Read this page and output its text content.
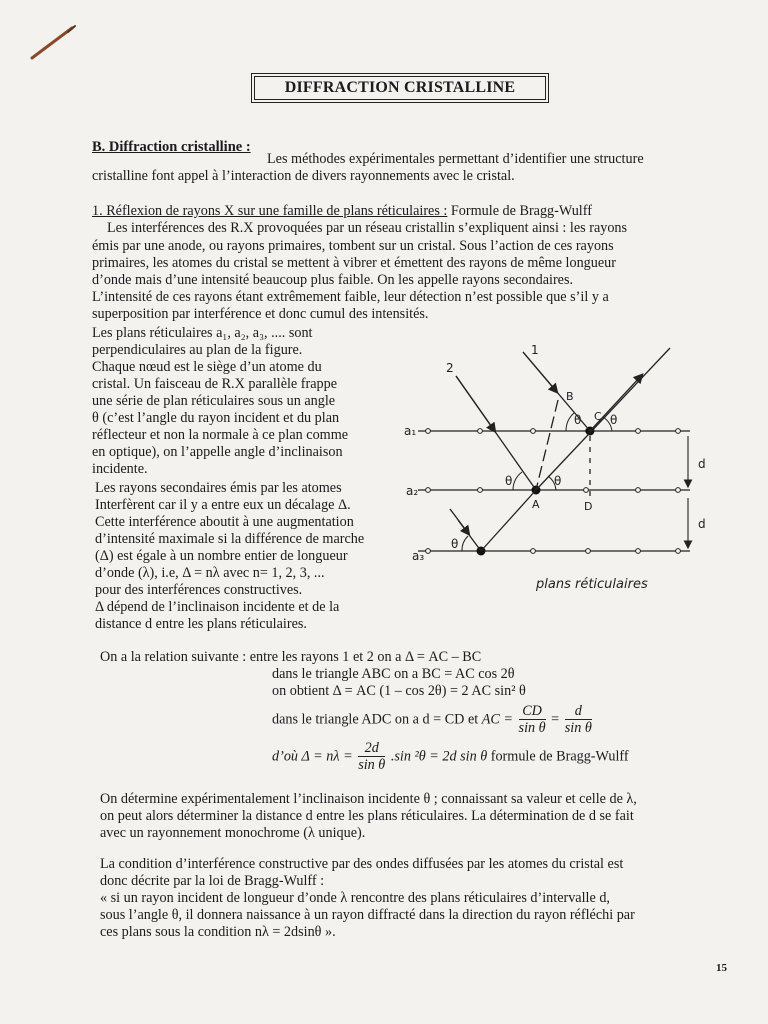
DIFFRACTION CRISTALLINE
B. Diffraction cristalline :
Les méthodes expérimentales permettant d’identifier une structure
cristalline font appel à l’interaction de divers rayonnements avec le cristal.
1. Réflexion de rayons X sur une famille de plans réticulaires : Formule de Bragg-Wulff
Les interférences des R.X provoquées par un réseau cristallin s’expliquent ainsi : les rayons
émis par une anode, ou rayons primaires, tombent sur un cristal. Sous l’action de ces rayons
primaires, les atomes du cristal se mettent à vibrer et émettent des rayons de même longueur
d’onde mais d’une intensité beaucoup plus faible. On les appelle rayons secondaires.
L’intensité de ces rayons étant extrêmement faible, leur détection n’est possible que s’il y a
superposition par interférence et donc cumul des intensités.
Les plans réticulaires a₁, a₂, a₃, .... sont
perpendiculaires au plan de la figure.
Chaque nœud est le siège d’un atome du
cristal. Un faisceau de R.X parallèle frappe
une série de plan réticulaires sous un angle
θ (c’est l’angle du rayon incident et du plan
réflecteur et non la normale à ce plan comme
en optique), on l’appelle angle d’inclinaison
incidente.
Les rayons secondaires émis par les atomes
Interfèrent car il y a entre eux un décalage Δ.
Cette interférence aboutit à une augmentation
d’intensité maximale si la différence de marche
(Δ) est égale à un nombre entier de longueur
d’onde (λ), i.e, Δ = nλ avec n= 1, 2, 3, ...
pour des interférences constructives.
Δ dépend de l’inclinaison incidente et de la
distance d entre les plans réticulaires.
1
2
a₁
a₂
a₃
B
C
A	D
θ θ
θ	θ
θ
d
d
plans réticulaires
On a la relation suivante : entre les rayons 1 et 2 on a Δ = AC – BC
dans le triangle ABC on a BC = AC cos 2θ
on obtient Δ = AC (1 – cos 2θ) = 2 AC sin² θ
dans le triangle ADC on a d = CD et AC = $\frac{CD}{\text{sin θ}} = \frac{d}{\text{sin θ}}$
d’où $\Delta = n\lambda = \frac{2d}{\text{sin θ}} .\sin$ ²θ = 2d sin θ formule de Bragg-Wulff
On détermine expérimentalement l’inclinaison incidente θ ; connaissant sa valeur et celle de λ,
on peut alors déterminer la distance d entre les plans réticulaires. La détermination de d se fait
avec un rayonnement monochrome (λ unique).
La condition d’interférence constructive par des ondes diffusées par les atomes du cristal est
donc décrite par la loi de Bragg-Wulff :
« si un rayon incident de longueur d’onde λ rencontre des plans réticulaires d’intervalle d,
sous l’angle θ, il donnera naissance à un rayon diffracté dans la direction du rayon réfléchi par
ces plans sous la condition nλ = 2dsinθ ».
15
